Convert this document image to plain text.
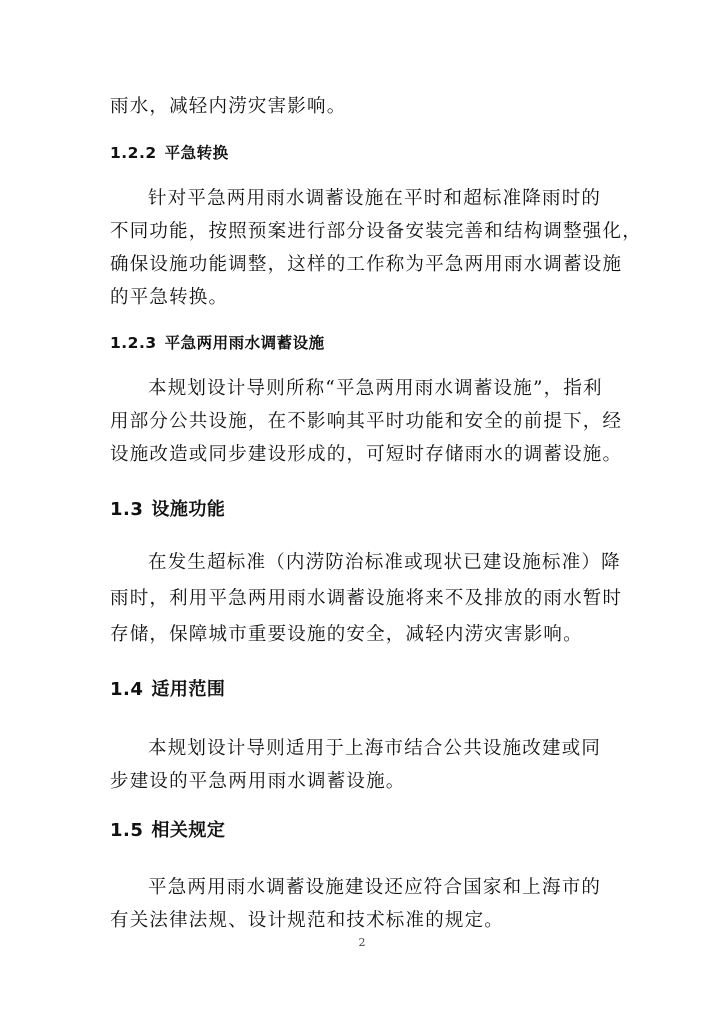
雨水，减轻内涝灾害影响。

1.2.2 平急转换

针对平急两用雨水调蓄设施在平时和超标准降雨时的
不同功能，按照预案进行部分设备安装完善和结构调整强化，
确保设施功能调整，这样的工作称为平急两用雨水调蓄设施
的平急转换。

1.2.3 平急两用雨水调蓄设施

本规划设计导则所称“平急两用雨水调蓄设施”，指利
用部分公共设施，在不影响其平时功能和安全的前提下，经
设施改造或同步建设形成的，可短时存储雨水的调蓄设施。

1.3 设施功能

在发生超标准（内涝防治标准或现状已建设施标准）降
雨时，利用平急两用雨水调蓄设施将来不及排放的雨水暂时
存储，保障城市重要设施的安全，减轻内涝灾害影响。

1.4 适用范围

本规划设计导则适用于上海市结合公共设施改建或同
步建设的平急两用雨水调蓄设施。

1.5 相关规定

平急两用雨水调蓄设施建设还应符合国家和上海市的
有关法律法规、设计规范和技术标准的规定。

2
